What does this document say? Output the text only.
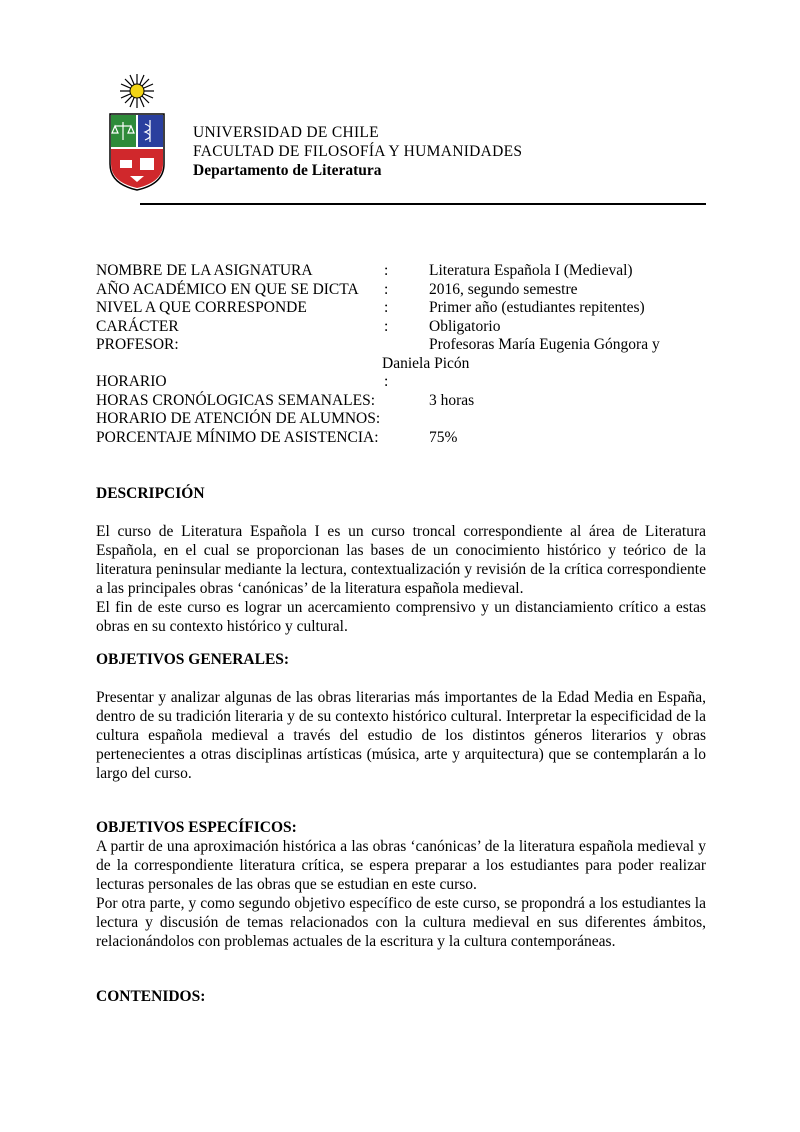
UNIVERSIDAD DE CHILE
FACULTAD DE FILOSOFÍA Y HUMANIDADES
Departamento de Literatura
NOMBRE DE LA ASIGNATURA	:	Literatura Española I (Medieval)
AÑO ACADÉMICO EN QUE SE DICTA :	2016, segundo semestre
NIVEL A QUE CORRESPONDE	:	Primer año (estudiantes repitentes)
CARÁCTER	:	Obligatorio
PROFESOR:	Profesoras María Eugenia Góngora y
Daniela Picón
HORARIO	:
HORAS CRONÓLOGICAS SEMANALES:	3 horas
HORARIO DE ATENCIÓN DE ALUMNOS:
PORCENTAJE MÍNIMO DE ASISTENCIA:	75%
DESCRIPCIÓN

El curso de Literatura Española I es un curso troncal correspondiente al área de Literatura Española, en el cual se proporcionan las bases de un conocimiento histórico y teórico de la literatura peninsular mediante la lectura, contextualización y revisión de la crítica correspondiente a las principales obras ‘canónicas’ de la literatura española medieval.

El fin de este curso es lograr un acercamiento comprensivo y un distanciamiento crítico a estas obras en su contexto histórico y cultural.

OBJETIVOS GENERALES:

Presentar y analizar algunas de las obras literarias más importantes de la Edad Media en España, dentro de su tradición literaria y de su contexto histórico cultural. Interpretar la especificidad de la cultura española medieval a través del estudio de los distintos géneros literarios y obras pertenecientes a otras disciplinas artísticas (música, arte y arquitectura) que se contemplarán a lo largo del curso.

OBJETIVOS ESPECÍFICOS:

A partir de una aproximación histórica a las obras ‘canónicas’ de la literatura española medieval y de la correspondiente literatura crítica, se espera preparar a los estudiantes para poder realizar lecturas personales de las obras que se estudian en este curso.

Por otra parte, y como segundo objetivo específico de este curso, se propondrá a los estudiantes la lectura y discusión de temas relacionados con la cultura medieval en sus diferentes ámbitos, relacionándolos con problemas actuales de la escritura y la cultura contemporáneas.

CONTENIDOS:
